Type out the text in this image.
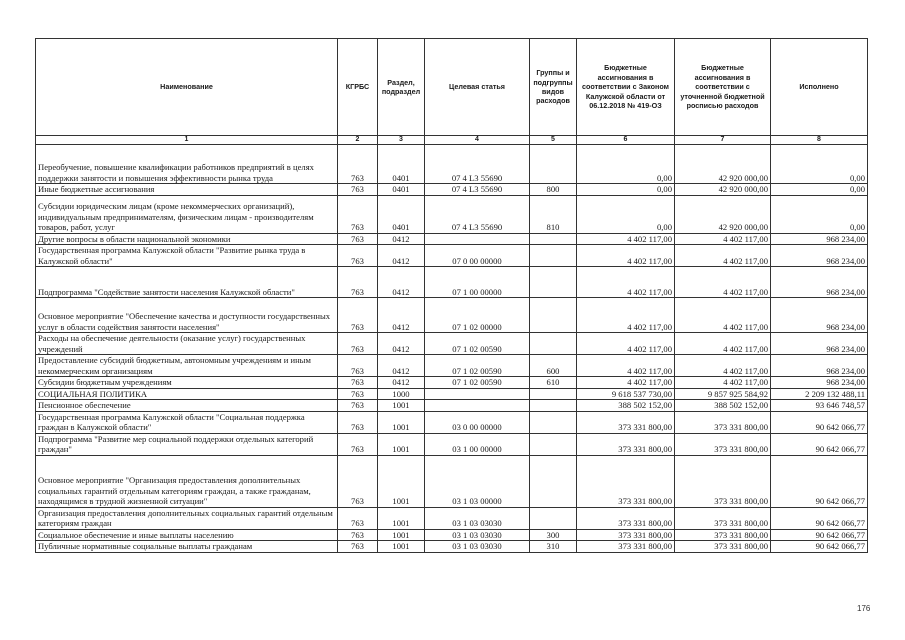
Наименование	КГРБС	Раздел, подраздел	Целевая статья	Группы и подгруппы видов расходов	Бюджетные ассигнования в соответствии с Законом Калужской области от 06.12.2018 № 419-ОЗ	Бюджетные ассигнования в соответствии с уточненной бюджетной росписью расходов	Исполнено
1	2	3	4	5	6	7	8
Переобучение, повышение квалификации работников предприятий в целях поддержки занятости и повышения эффективности рынка труда	763	0401	07 4 L3 55690		0,00	42 920 000,00	0,00
Иные бюджетные ассигнования	763	0401	07 4 L3 55690	800	0,00	42 920 000,00	0,00
Субсидии юридическим лицам (кроме некоммерческих организаций), индивидуальным предпринимателям, физическим лицам - производителям товаров, работ, услуг	763	0401	07 4 L3 55690	810	0,00	42 920 000,00	0,00
Другие вопросы в области национальной экономики	763	0412			4 402 117,00	4 402 117,00	968 234,00
Государственная программа Калужской области "Развитие рынка труда в Калужской области"	763	0412	07 0 00 00000		4 402 117,00	4 402 117,00	968 234,00
Подпрограмма "Содействие занятости населения Калужской области"	763	0412	07 1 00 00000		4 402 117,00	4 402 117,00	968 234,00
Основное мероприятие "Обеспечение качества и доступности государственных услуг в области содействия занятости населения"	763	0412	07 1 02 00000		4 402 117,00	4 402 117,00	968 234,00
Расходы на обеспечение деятельности (оказание услуг) государственных учреждений	763	0412	07 1 02 00590		4 402 117,00	4 402 117,00	968 234,00
Предоставление субсидий бюджетным, автономным учреждениям и иным некоммерческим организациям	763	0412	07 1 02 00590	600	4 402 117,00	4 402 117,00	968 234,00
Субсидии бюджетным учреждениям	763	0412	07 1 02 00590	610	4 402 117,00	4 402 117,00	968 234,00
СОЦИАЛЬНАЯ ПОЛИТИКА	763	1000			9 618 537 730,00	9 857 925 584,92	2 209 132 488,11
Пенсионное обеспечение	763	1001			388 502 152,00	388 502 152,00	93 646 748,57
Государственная программа Калужской области "Социальная поддержка граждан в Калужской области"	763	1001	03 0 00 00000		373 331 800,00	373 331 800,00	90 642 066,77
Подпрограмма "Развитие мер социальной поддержки отдельных категорий граждан"	763	1001	03 1 00 00000		373 331 800,00	373 331 800,00	90 642 066,77
Основное мероприятие "Организация предоставления дополнительных социальных гарантий отдельным категориям граждан, а также гражданам, находящимся в трудной жизненной ситуации"	763	1001	03 1 03 00000		373 331 800,00	373 331 800,00	90 642 066,77
Организация предоставления дополнительных социальных гарантий отдельным категориям граждан	763	1001	03 1 03 03030		373 331 800,00	373 331 800,00	90 642 066,77
Социальное обеспечение и иные выплаты населению	763	1001	03 1 03 03030	300	373 331 800,00	373 331 800,00	90 642 066,77
Публичные нормативные социальные выплаты гражданам	763	1001	03 1 03 03030	310	373 331 800,00	373 331 800,00	90 642 066,77
176
